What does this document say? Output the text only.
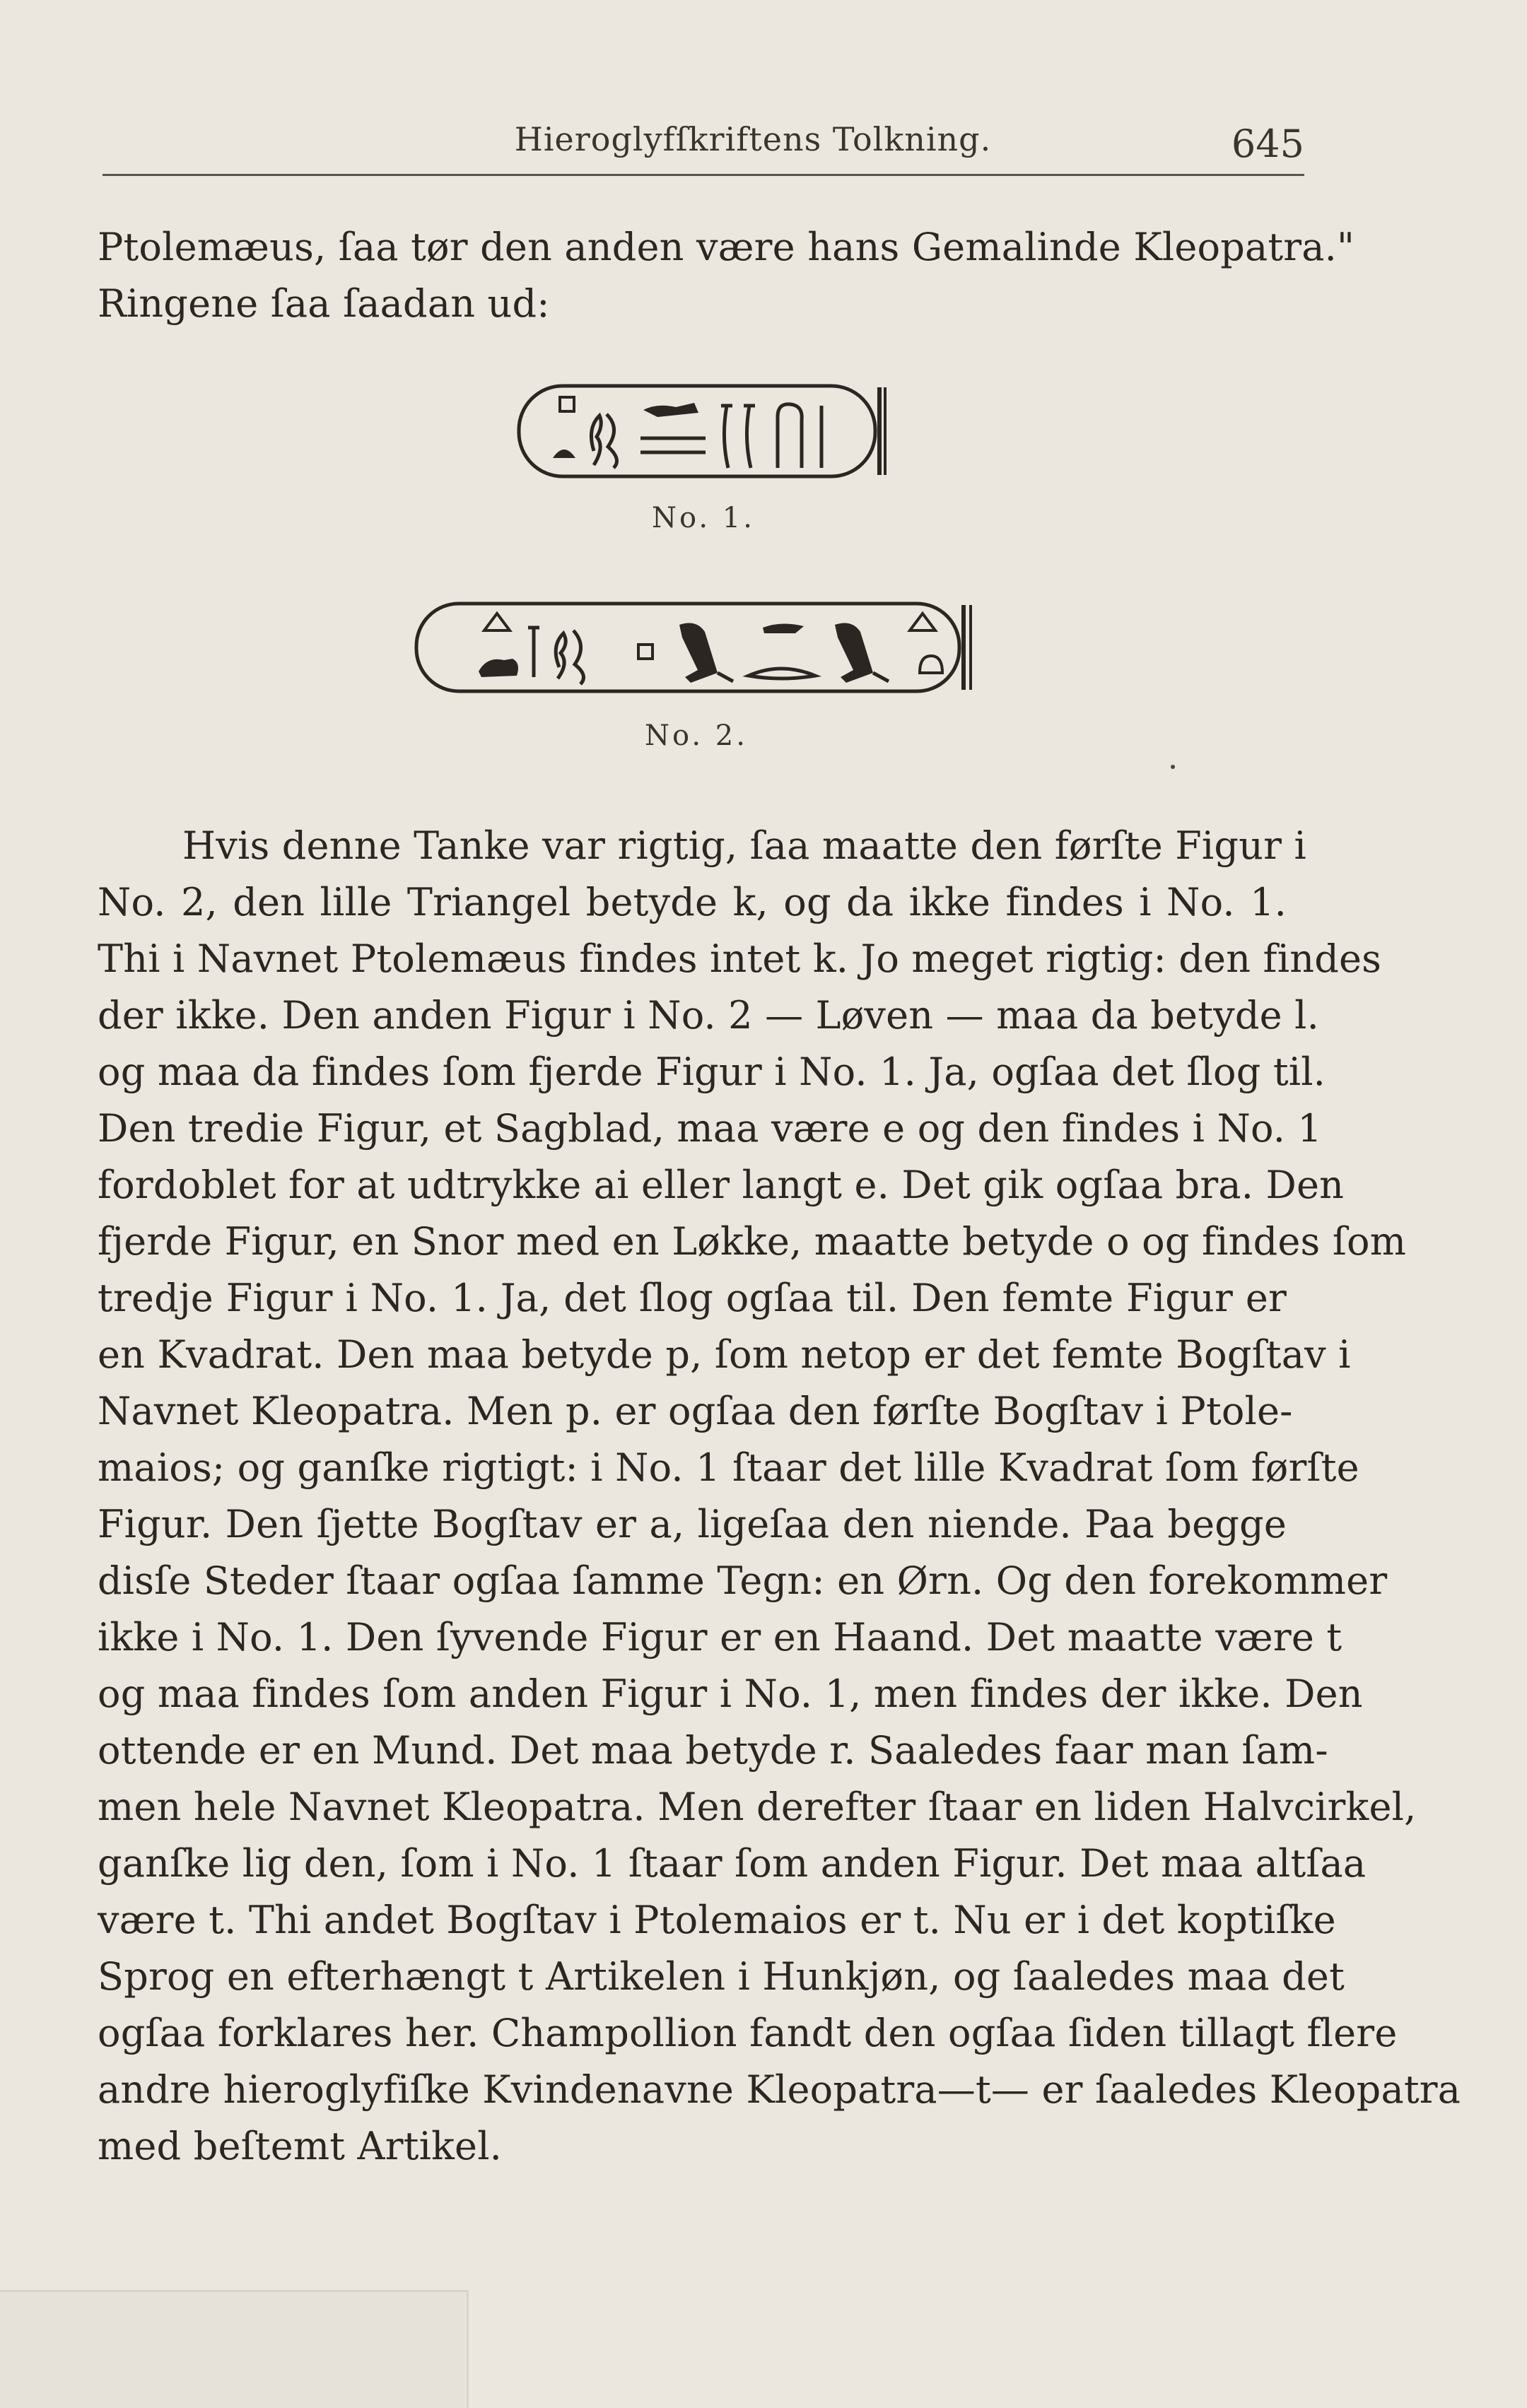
Hieroglyfſkriftens Tolkning.	645
Ptolemæus, ſaa tør den anden være hans Gemalinde Kleopatra."
Ringene ſaa ſaadan ud:
No. 1.
No. 2.
Hvis denne Tanke var rigtig, ſaa maatte den førſte Figur i
No. 2, den lille Triangel betyde k, og da ikke findes i No. 1.
Thi i Navnet Ptolemæus findes intet k. Jo meget rigtig: den findes
der ikke. Den anden Figur i No. 2 — Løven — maa da betyde l.
og maa da findes ſom fjerde Figur i No. 1. Ja, ogſaa det ſlog til.
Den tredie Figur, et Sagblad, maa være e og den findes i No. 1
fordoblet for at udtrykke ai eller langt e. Det gik ogſaa bra. Den
fjerde Figur, en Snor med en Løkke, maatte betyde o og findes ſom
tredje Figur i No. 1. Ja, det ſlog ogſaa til. Den femte Figur er
en Kvadrat. Den maa betyde p, ſom netop er det femte Bogſtav i
Navnet Kleopatra. Men p. er ogſaa den førſte Bogſtav i Ptole-
maios; og ganſke rigtigt: i No. 1 ſtaar det lille Kvadrat ſom førſte
Figur. Den ſjette Bogſtav er a, ligeſaa den niende. Paa begge
disſe Steder ſtaar ogſaa ſamme Tegn: en Ørn. Og den forekommer
ikke i No. 1. Den ſyvende Figur er en Haand. Det maatte være t
og maa findes ſom anden Figur i No. 1, men findes der ikke. Den
ottende er en Mund. Det maa betyde r. Saaledes faar man ſam-
men hele Navnet Kleopatra. Men derefter ſtaar en liden Halvcirkel,
ganſke lig den, ſom i No. 1 ſtaar ſom anden Figur. Det maa altſaa
være t. Thi andet Bogſtav i Ptolemaios er t. Nu er i det koptiſke
Sprog en efterhængt t Artikelen i Hunkjøn, og ſaaledes maa det
ogſaa forklares her. Champollion fandt den ogſaa ſiden tillagt flere
andre hieroglyfiſke Kvindenavne Kleopatra—t— er ſaaledes Kleopatra
med beſtemt Artikel.
